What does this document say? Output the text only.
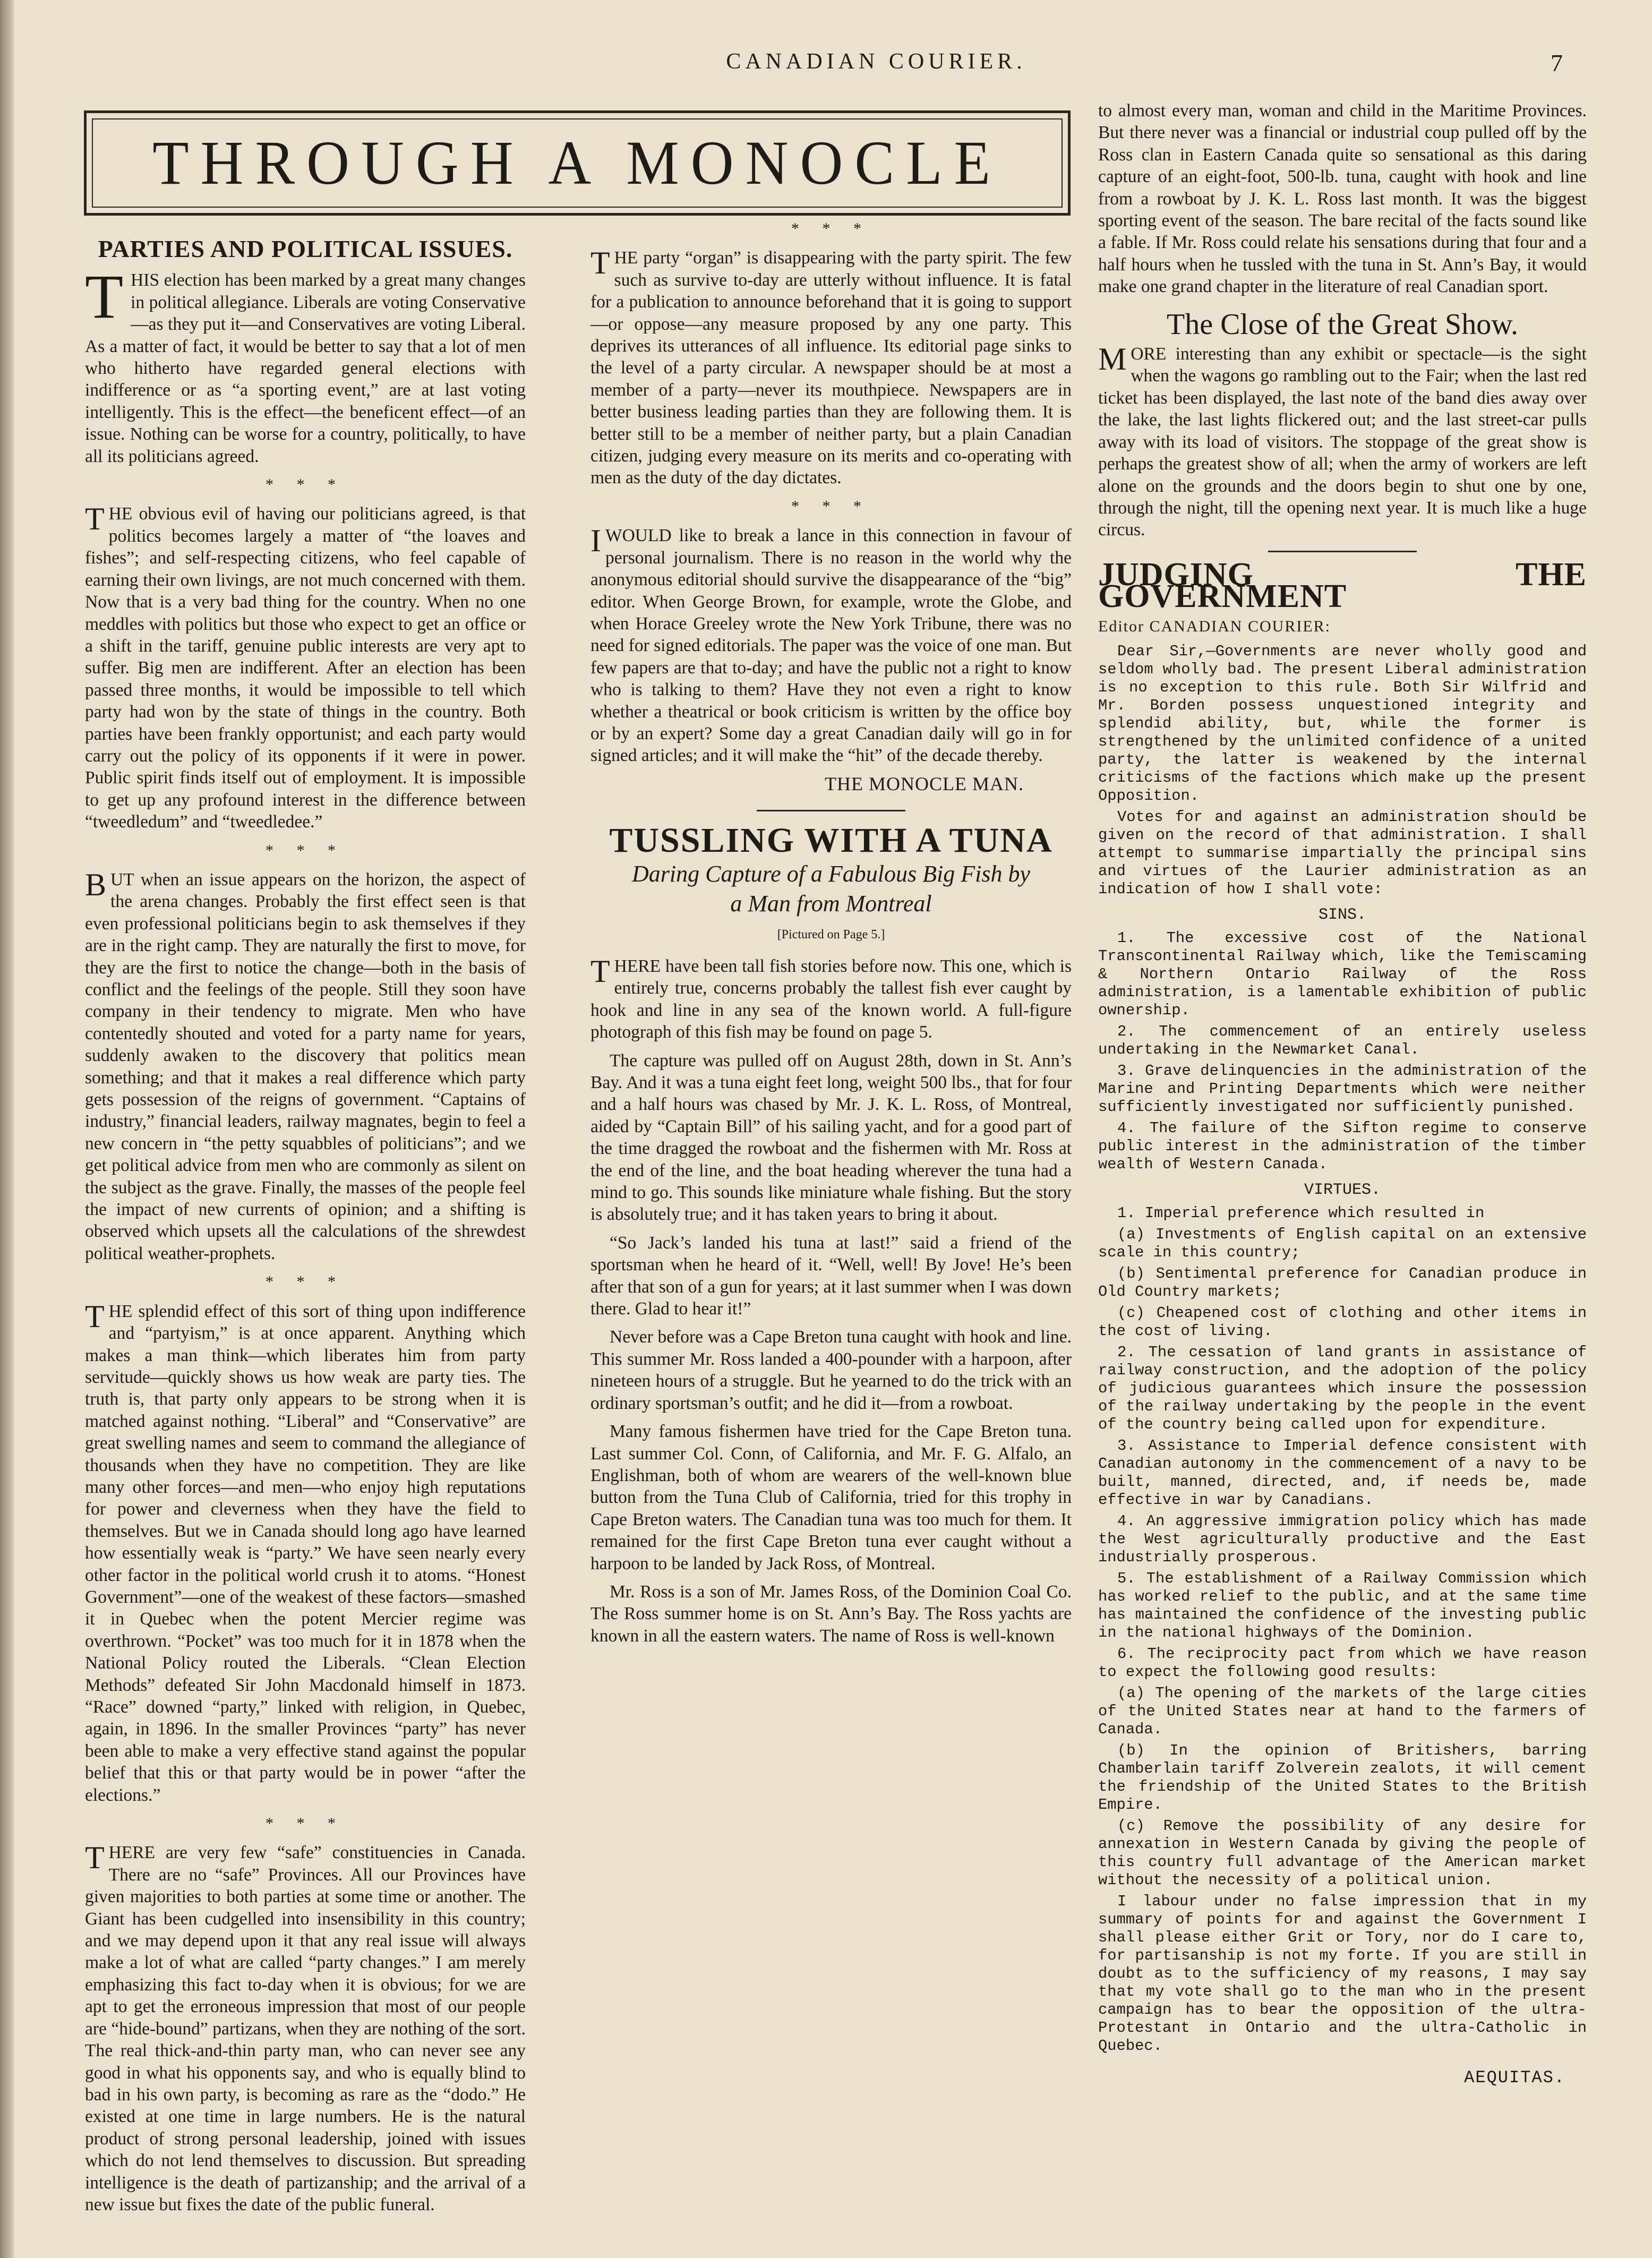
CANADIAN COURIER.	7
THROUGH A MONOCLE
PARTIES AND POLITICAL ISSUES.

THIS election has been marked by a great many changes in political allegiance. Liberals are voting Conservative—as they put it—and Conservatives are voting Liberal. As a matter of fact, it would be better to say that a lot of men who hitherto have regarded general elections with indifference or as “a sporting event,” are at last voting intelligently. This is the effect—the beneficent effect—of an issue. Nothing can be worse for a country, politically, to have all its politicians agreed.

* * *

THE obvious evil of having our politicians agreed, is that politics becomes largely a matter of “the loaves and fishes”; and self-respecting citizens, who feel capable of earning their own livings, are not much concerned with them. Now that is a very bad thing for the country. When no one meddles with politics but those who expect to get an office or a shift in the tariff, genuine public interests are very apt to suffer. Big men are indifferent. After an election has been passed three months, it would be impossible to tell which party had won by the state of things in the country. Both parties have been frankly opportunist; and each party would carry out the policy of its opponents if it were in power. Public spirit finds itself out of employment. It is impossible to get up any profound interest in the difference between “tweedledum” and “tweedledee.”

* * *

BUT when an issue appears on the horizon, the aspect of the arena changes. Probably the first effect seen is that even professional politicians begin to ask themselves if they are in the right camp. They are naturally the first to move, for they are the first to notice the change—both in the basis of conflict and the feelings of the people. Still they soon have company in their tendency to migrate. Men who have contentedly shouted and voted for a party name for years, suddenly awaken to the discovery that politics mean something; and that it makes a real difference which party gets possession of the reigns of government. “Captains of industry,” financial leaders, railway magnates, begin to feel a new concern in “the petty squabbles of politicians”; and we get political advice from men who are commonly as silent on the subject as the grave. Finally, the masses of the people feel the impact of new currents of opinion; and a shifting is observed which upsets all the calculations of the shrewdest political weather-prophets.

* * *

THE splendid effect of this sort of thing upon indifference and “partyism,” is at once apparent. Anything which makes a man think—which liberates him from party servitude—quickly shows us how weak are party ties. The truth is, that party only appears to be strong when it is matched against nothing. “Liberal” and “Conservative” are great swelling names and seem to command the allegiance of thousands when they have no competition. They are like many other forces—and men—who enjoy high reputations for power and cleverness when they have the field to themselves. But we in Canada should long ago have learned how essentially weak is “party.” We have seen nearly every other factor in the political world crush it to atoms. “Honest Government”—one of the weakest of these factors—smashed it in Quebec when the potent Mercier regime was overthrown. “Pocket” was too much for it in 1878 when the National Policy routed the Liberals. “Clean Election Methods” defeated Sir John Macdonald himself in 1873. “Race” downed “party,” linked with religion, in Quebec, again, in 1896. In the smaller Provinces “party” has never been able to make a very effective stand against the popular belief that this or that party would be in power “after the elections.”

* * *

THERE are very few “safe” constituencies in Canada. There are no “safe” Provinces. All our Provinces have given majorities to both parties at some time or another. The Giant has been cudgelled into insensibility in this country; and we may depend upon it that any real issue will always make a lot of what are called “party changes.” I am merely emphasizing this fact to-day when it is obvious; for we are apt to get the erroneous impression that most of our people are “hide-bound” partizans, when they are nothing of the sort. The real thick-and-thin party man, who can never see any good in what his opponents say, and who is equally blind to bad in his own party, is becoming as rare as the “dodo.” He existed at one time in large numbers. He is the natural product of strong personal leadership, joined with issues which do not lend themselves to discussion. But spreading intelligence is the death of partizanship; and the arrival of a new issue but fixes the date of the public funeral.

* * *

THE party “organ” is disappearing with the party spirit. The few such as survive to-day are utterly without influence. It is fatal for a publication to announce beforehand that it is going to support—or oppose—any measure proposed by any one party. This deprives its utterances of all influence. Its editorial page sinks to the level of a party circular. A newspaper should be at most a member of a party—never its mouthpiece. Newspapers are in better business leading parties than they are following them. It is better still to be a member of neither party, but a plain Canadian citizen, judging every measure on its merits and co-operating with men as the duty of the day dictates.

* * *

IWOULD like to break a lance in this connection in favour of personal journalism. There is no reason in the world why the anonymous editorial should survive the disappearance of the “big” editor. When George Brown, for example, wrote the Globe, and when Horace Greeley wrote the New York Tribune, there was no need for signed editorials. The paper was the voice of one man. But few papers are that to-day; and have the public not a right to know who is talking to them? Have they not even a right to know whether a theatrical or book criticism is written by the office boy or by an expert? Some day a great Canadian daily will go in for signed articles; and it will make the “hit” of the decade thereby.

THE MONOCLE MAN.
TUSSLING WITH A TUNA
Daring Capture of a Fabulous Big Fish by
a Man from Montreal
[Pictured on Page 5.]

THERE have been tall fish stories before now. This one, which is entirely true, concerns probably the tallest fish ever caught by hook and line in any sea of the known world. A full-figure photograph of this fish may be found on page 5.

The capture was pulled off on August 28th, down in St. Ann’s Bay. And it was a tuna eight feet long, weight 500 lbs., that for four and a half hours was chased by Mr. J. K. L. Ross, of Montreal, aided by “Captain Bill” of his sailing yacht, and for a good part of the time dragged the rowboat and the fishermen with Mr. Ross at the end of the line, and the boat heading wherever the tuna had a mind to go. This sounds like miniature whale fishing. But the story is absolutely true; and it has taken years to bring it about.

“So Jack’s landed his tuna at last!” said a friend of the sportsman when he heard of it. “Well, well! By Jove! He’s been after that son of a gun for years; at it last summer when I was down there. Glad to hear it!”

Never before was a Cape Breton tuna caught with hook and line. This summer Mr. Ross landed a 400-pounder with a harpoon, after nineteen hours of a struggle. But he yearned to do the trick with an ordinary sportsman’s outfit; and he did it—from a rowboat.

Many famous fishermen have tried for the Cape Breton tuna. Last summer Col. Conn, of California, and Mr. F. G. Alfalo, an Englishman, both of whom are wearers of the well-known blue button from the Tuna Club of California, tried for this trophy in Cape Breton waters. The Canadian tuna was too much for them. It remained for the first Cape Breton tuna ever caught without a harpoon to be landed by Jack Ross, of Montreal.

Mr. Ross is a son of Mr. James Ross, of the Dominion Coal Co. The Ross summer home is on St. Ann’s Bay. The Ross yachts are known in all the eastern waters. The name of Ross is well-known

to almost every man, woman and child in the Maritime Provinces. But there never was a financial or industrial coup pulled off by the Ross clan in Eastern Canada quite so sensational as this daring capture of an eight-foot, 500-lb. tuna, caught with hook and line from a rowboat by J. K. L. Ross last month. It was the biggest sporting event of the season. The bare recital of the facts sound like a fable. If Mr. Ross could relate his sensations during that four and a half hours when he tussled with the tuna in St. Ann’s Bay, it would make one grand chapter in the literature of real Canadian sport.

The Close of the Great Show.

MORE interesting than any exhibit or spectacle—is the sight when the wagons go rambling out to the Fair; when the last red ticket has been displayed, the last note of the band dies away over the lake, the last lights flickered out; and the last street-car pulls away with its load of visitors. The stoppage of the great show is perhaps the greatest show of all; when the army of workers are left alone on the grounds and the doors begin to shut one by one, through the night, till the opening next year. It is much like a huge circus.

JUDGING THE GOVERNMENT
Editor CANADIAN COURIER:

Dear Sir,—Governments are never wholly good and seldom wholly bad. The present Liberal administration is no exception to this rule. Both Sir Wilfrid and Mr. Borden possess unquestioned integrity and splendid ability, but, while the former is strengthened by the unlimited confidence of a united party, the latter is weakened by the internal criticisms of the factions which make up the present Opposition.

Votes for and against an administration should be given on the record of that administration. I shall attempt to summarise impartially the principal sins and virtues of the Laurier administration as an indication of how I shall vote:

SINS.

1. The excessive cost of the National Transcontinental Railway which, like the Temiscaming & Northern Ontario Railway of the Ross administration, is a lamentable exhibition of public ownership.

2. The commencement of an entirely useless undertaking in the Newmarket Canal.

3. Grave delinquencies in the administration of the Marine and Printing Departments which were neither sufficiently investigated nor sufficiently punished.

4. The failure of the Sifton regime to conserve public interest in the administration of the timber wealth of Western Canada.

VIRTUES.

1. Imperial preference which resulted in

(a) Investments of English capital on an extensive scale in this country;

(b) Sentimental preference for Canadian produce in Old Country markets;

(c) Cheapened cost of clothing and other items in the cost of living.

2. The cessation of land grants in assistance of railway construction, and the adoption of the policy of judicious guarantees which insure the possession of the railway undertaking by the people in the event of the country being called upon for expenditure.

3. Assistance to Imperial defence consistent with Canadian autonomy in the commencement of a navy to be built, manned, directed, and, if needs be, made effective in war by Canadians.

4. An aggressive immigration policy which has made the West agriculturally productive and the East industrially prosperous.

5. The establishment of a Railway Commission which has worked relief to the public, and at the same time has maintained the confidence of the investing public in the national highways of the Dominion.

6. The reciprocity pact from which we have reason to expect the following good results:

(a) The opening of the markets of the large cities of the United States near at hand to the farmers of Canada.

(b) In the opinion of Britishers, barring Chamberlain tariff Zolverein zealots, it will cement the friendship of the United States to the British Empire.

(c) Remove the possibility of any desire for annexation in Western Canada by giving the people of this country full advantage of the American market without the necessity of a political union.

I labour under no false impression that in my summary of points for and against the Government I shall please either Grit or Tory, nor do I care to, for partisanship is not my forte. If you are still in doubt as to the sufficiency of my reasons, I may say that my vote shall go to the man who in the present campaign has to bear the opposition of the ultra-Protestant in Ontario and the ultra-Catholic in Quebec.

AEQUITAS.
